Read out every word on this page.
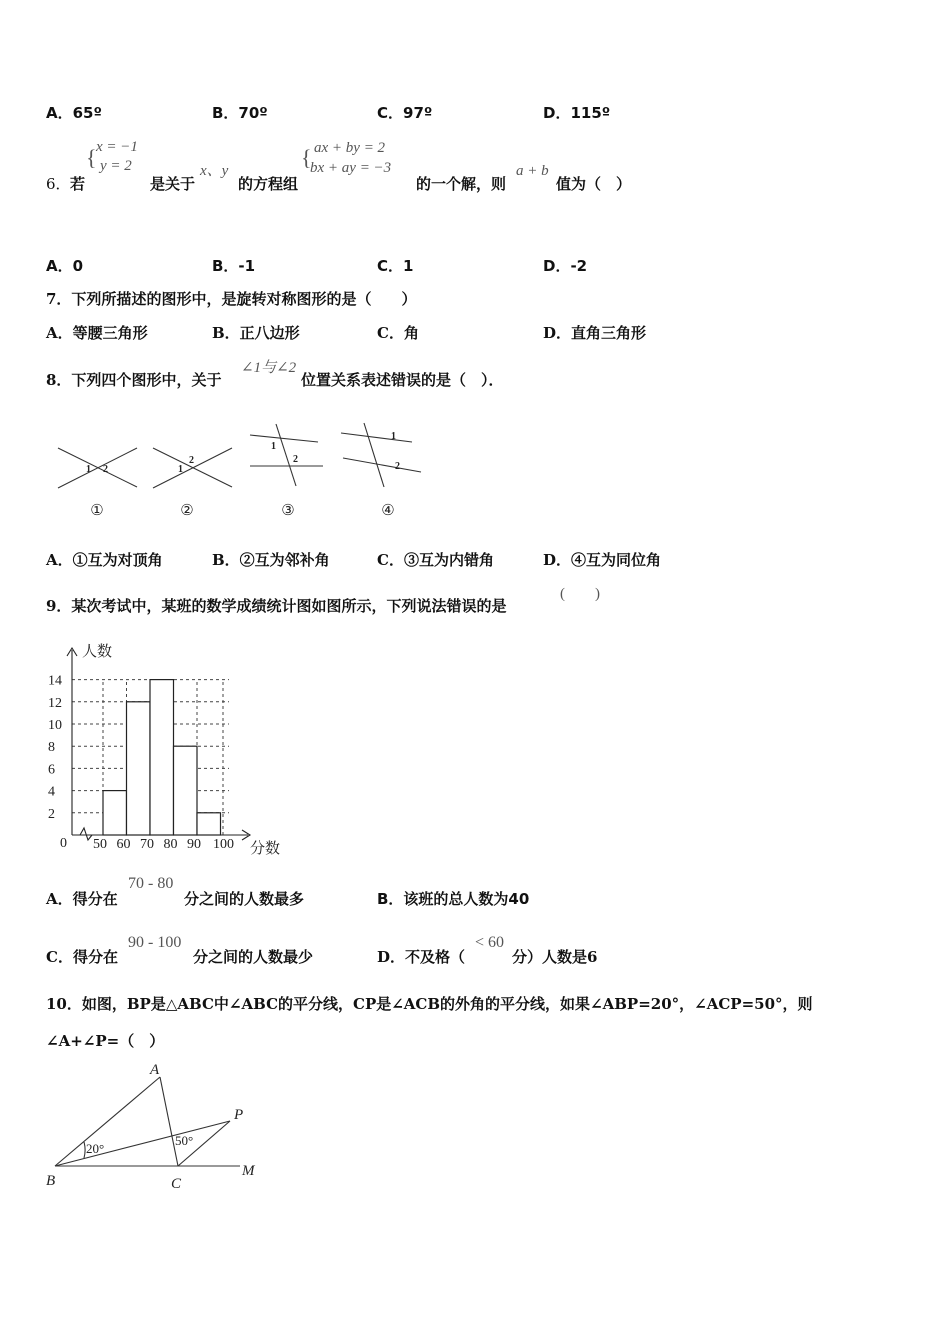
A．65º	B．70º	C．97º	D．115º
6． 若
{ x = −1
y = 2
是关于
x、y
的方程组
{ ax + by = 2
bx + ay = −3
的一个解，则
a + b
值为（　）
A．0	B．-1	C．1	D．-2
7．下列所描述的图形中，是旋转对称图形的是（　　）
A．等腰三角形	B．正八边形	C．角	D．直角三角形
8．下列四个图形中，关于
∠1与∠2
位置关系表述错误的是（　）．
1 2	1
2
1
2
1
2
①	②	③	④
A．①互为对顶角	B．②互为邻补角	C．③互为内错角	D．④互为同位角
9．某次考试中，某班的数学成绩统计图如图所示，下列说法错误的是
(　　)
2
4
6
8
10
12
14
50 60 70 80 90 100
人数
分数
0
A．得分在
70 - 80
分之间的人数最多	B．该班的总人数为40
C．得分在
90 - 100
分之间的人数最少	D．不及格（
< 60
分）人数是6
10．如图，BP是△ABC中∠ABC的平分线，CP是∠ACB的外角的平分线，如果∠ABP=20°，∠ACP=50°，则
∠A+∠P=（　）
A
B	C
P
M
20°
50°
